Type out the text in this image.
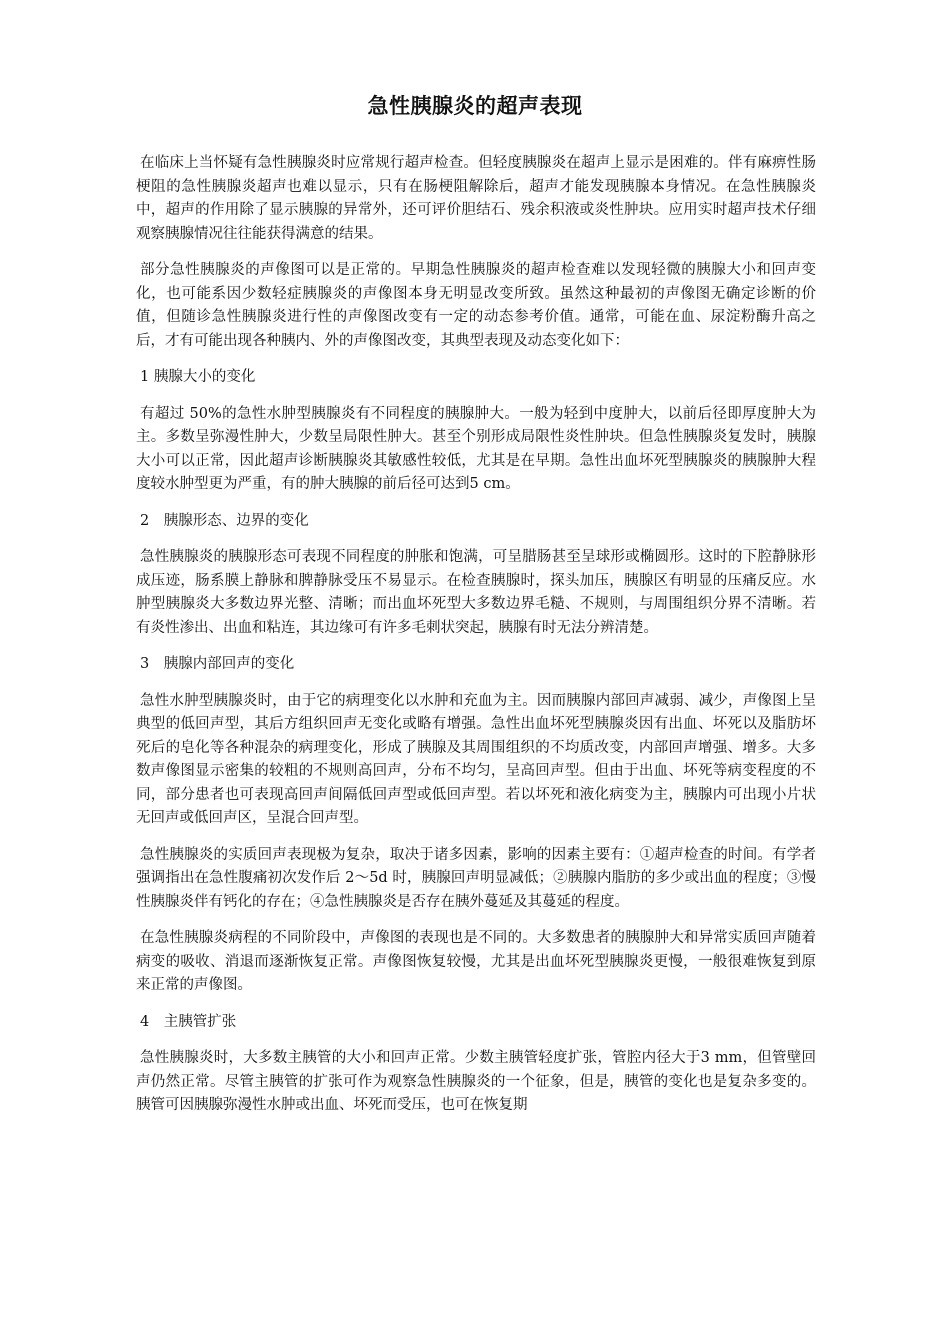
急性胰腺炎的超声表现

在临床上当怀疑有急性胰腺炎时应常规行超声检查。但轻度胰腺炎在超声上显示是困难的。伴有麻痹性肠梗阻的急性胰腺炎超声也难以显示，只有在肠梗阻解除后，超声才能发现胰腺本身情况。在急性胰腺炎中，超声的作用除了显示胰腺的异常外，还可评价胆结石、残余积液或炎性肿块。应用实时超声技术仔细观察胰腺情况往往能获得满意的结果。

部分急性胰腺炎的声像图可以是正常的。早期急性胰腺炎的超声检查难以发现轻微的胰腺大小和回声变化，也可能系因少数轻症胰腺炎的声像图本身无明显改变所致。虽然这种最初的声像图无确定诊断的价值，但随诊急性胰腺炎进行性的声像图改变有一定的动态参考价值。通常，可能在血、尿淀粉酶升高之后，才有可能出现各种胰内、外的声像图改变，其典型表现及动态变化如下：

1 胰腺大小的变化

有超过 50%的急性水肿型胰腺炎有不同程度的胰腺肿大。一般为轻到中度肿大，以前后径即厚度肿大为主。多数呈弥漫性肿大，少数呈局限性肿大。甚至个别形成局限性炎性肿块。但急性胰腺炎复发时，胰腺大小可以正常，因此超声诊断胰腺炎其敏感性较低，尤其是在早期。急性出血坏死型胰腺炎的胰腺肿大程度较水肿型更为严重，有的肿大胰腺的前后径可达到5 cm。

2　胰腺形态、边界的变化

急性胰腺炎的胰腺形态可表现不同程度的肿胀和饱满，可呈腊肠甚至呈球形或椭圆形。这时的下腔静脉形成压迹，肠系膜上静脉和脾静脉受压不易显示。在检查胰腺时，探头加压，胰腺区有明显的压痛反应。水肿型胰腺炎大多数边界光整、清晰；而出血坏死型大多数边界毛糙、不规则，与周围组织分界不清晰。若有炎性渗出、出血和粘连，其边缘可有许多毛刺状突起，胰腺有时无法分辨清楚。

3　胰腺内部回声的变化

急性水肿型胰腺炎时，由于它的病理变化以水肿和充血为主。因而胰腺内部回声减弱、减少，声像图上呈典型的低回声型，其后方组织回声无变化或略有增强。急性出血坏死型胰腺炎因有出血、坏死以及脂肪坏死后的皂化等各种混杂的病理变化，形成了胰腺及其周围组织的不均质改变，内部回声增强、增多。大多数声像图显示密集的较粗的不规则高回声，分布不均匀，呈高回声型。但由于出血、坏死等病变程度的不同，部分患者也可表现高回声间隔低回声型或低回声型。若以坏死和液化病变为主，胰腺内可出现小片状无回声或低回声区，呈混合回声型。

急性胰腺炎的实质回声表现极为复杂，取决于诸多因素，影响的因素主要有：①超声检查的时间。有学者强调指出在急性腹痛初次发作后 2～5d 时，胰腺回声明显减低；②胰腺内脂肪的多少或出血的程度；③慢性胰腺炎伴有钙化的存在；④急性胰腺炎是否存在胰外蔓延及其蔓延的程度。

在急性胰腺炎病程的不同阶段中，声像图的表现也是不同的。大多数患者的胰腺肿大和异常实质回声随着病变的吸收、消退而逐渐恢复正常。声像图恢复较慢，尤其是出血坏死型胰腺炎更慢，一般很难恢复到原来正常的声像图。

4　主胰管扩张

急性胰腺炎时，大多数主胰管的大小和回声正常。少数主胰管轻度扩张，管腔内径大于3 mm，但管壁回声仍然正常。尽管主胰管的扩张可作为观察急性胰腺炎的一个征象，但是，胰管的变化也是复杂多变的。胰管可因胰腺弥漫性水肿或出血、坏死而受压，也可在恢复期
